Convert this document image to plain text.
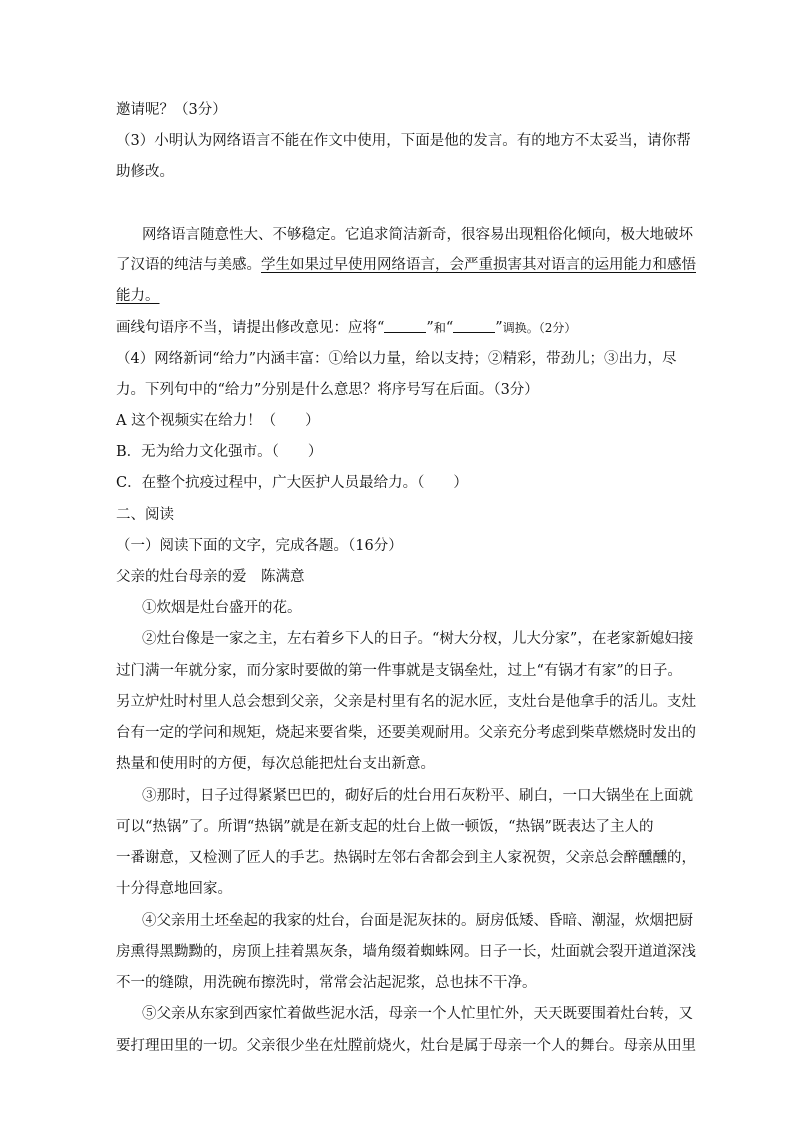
邀请呢？（3分）
（3）小明认为网络语言不能在作文中使用，下面是他的发言。有的地方不太妥当，请你帮
助修改。
网络语言随意性大、不够稳定。它追求简洁新奇，很容易出现粗俗化倾向，极大地破坏
了汉语的纯洁与美感。学生如果过早使用网络语言，会严重损害其对语言的运用能力和感悟
能力。
画线句语序不当，请提出修改意见：应将“	”和“	”调换。（2分）
（4）网络新词“给力”内涵丰富：①给以力量，给以支持；②精彩，带劲儿；③出力，尽
力。下列句中的“给力”分别是什么意思？将序号写在后面。（3分）
A 这个视频实在给力！（　　）
B．无为给力文化强市。（　　）
C．在整个抗疫过程中，广大医护人员最给力。（　　）
二、阅读
（一）阅读下面的文字，完成各题。（16分）
父亲的灶台母亲的爱　陈满意
①炊烟是灶台盛开的花。
②灶台像是一家之主，左右着乡下人的日子。“树大分杈，儿大分家”，在老家新媳妇接
过门满一年就分家，而分家时要做的第一件事就是支锅垒灶，过上“有锅才有家”的日子。
另立炉灶时村里人总会想到父亲，父亲是村里有名的泥水匠，支灶台是他拿手的活儿。支灶
台有一定的学问和规矩，烧起来要省柴，还要美观耐用。父亲充分考虑到柴草燃烧时发出的
热量和使用时的方便，每次总能把灶台支出新意。
③那时，日子过得紧紧巴巴的，砌好后的灶台用石灰粉平、刷白，一口大锅坐在上面就
可以“热锅”了。所谓“热锅”就是在新支起的灶台上做一顿饭，“热锅”既表达了主人的
一番谢意，又检测了匠人的手艺。热锅时左邻右舍都会到主人家祝贺，父亲总会醉醺醺的，
十分得意地回家。
④父亲用土坯垒起的我家的灶台，台面是泥灰抹的。厨房低矮、昏暗、潮湿，炊烟把厨
房熏得黑黝黝的，房顶上挂着黑灰条，墙角缀着蜘蛛网。日子一长，灶面就会裂开道道深浅
不一的缝隙，用洗碗布擦洗时，常常会沾起泥浆，总也抹不干净。
⑤父亲从东家到西家忙着做些泥水活，母亲一个人忙里忙外，天天既要围着灶台转，又
要打理田里的一切。父亲很少坐在灶膛前烧火，灶台是属于母亲一个人的舞台。母亲从田里
